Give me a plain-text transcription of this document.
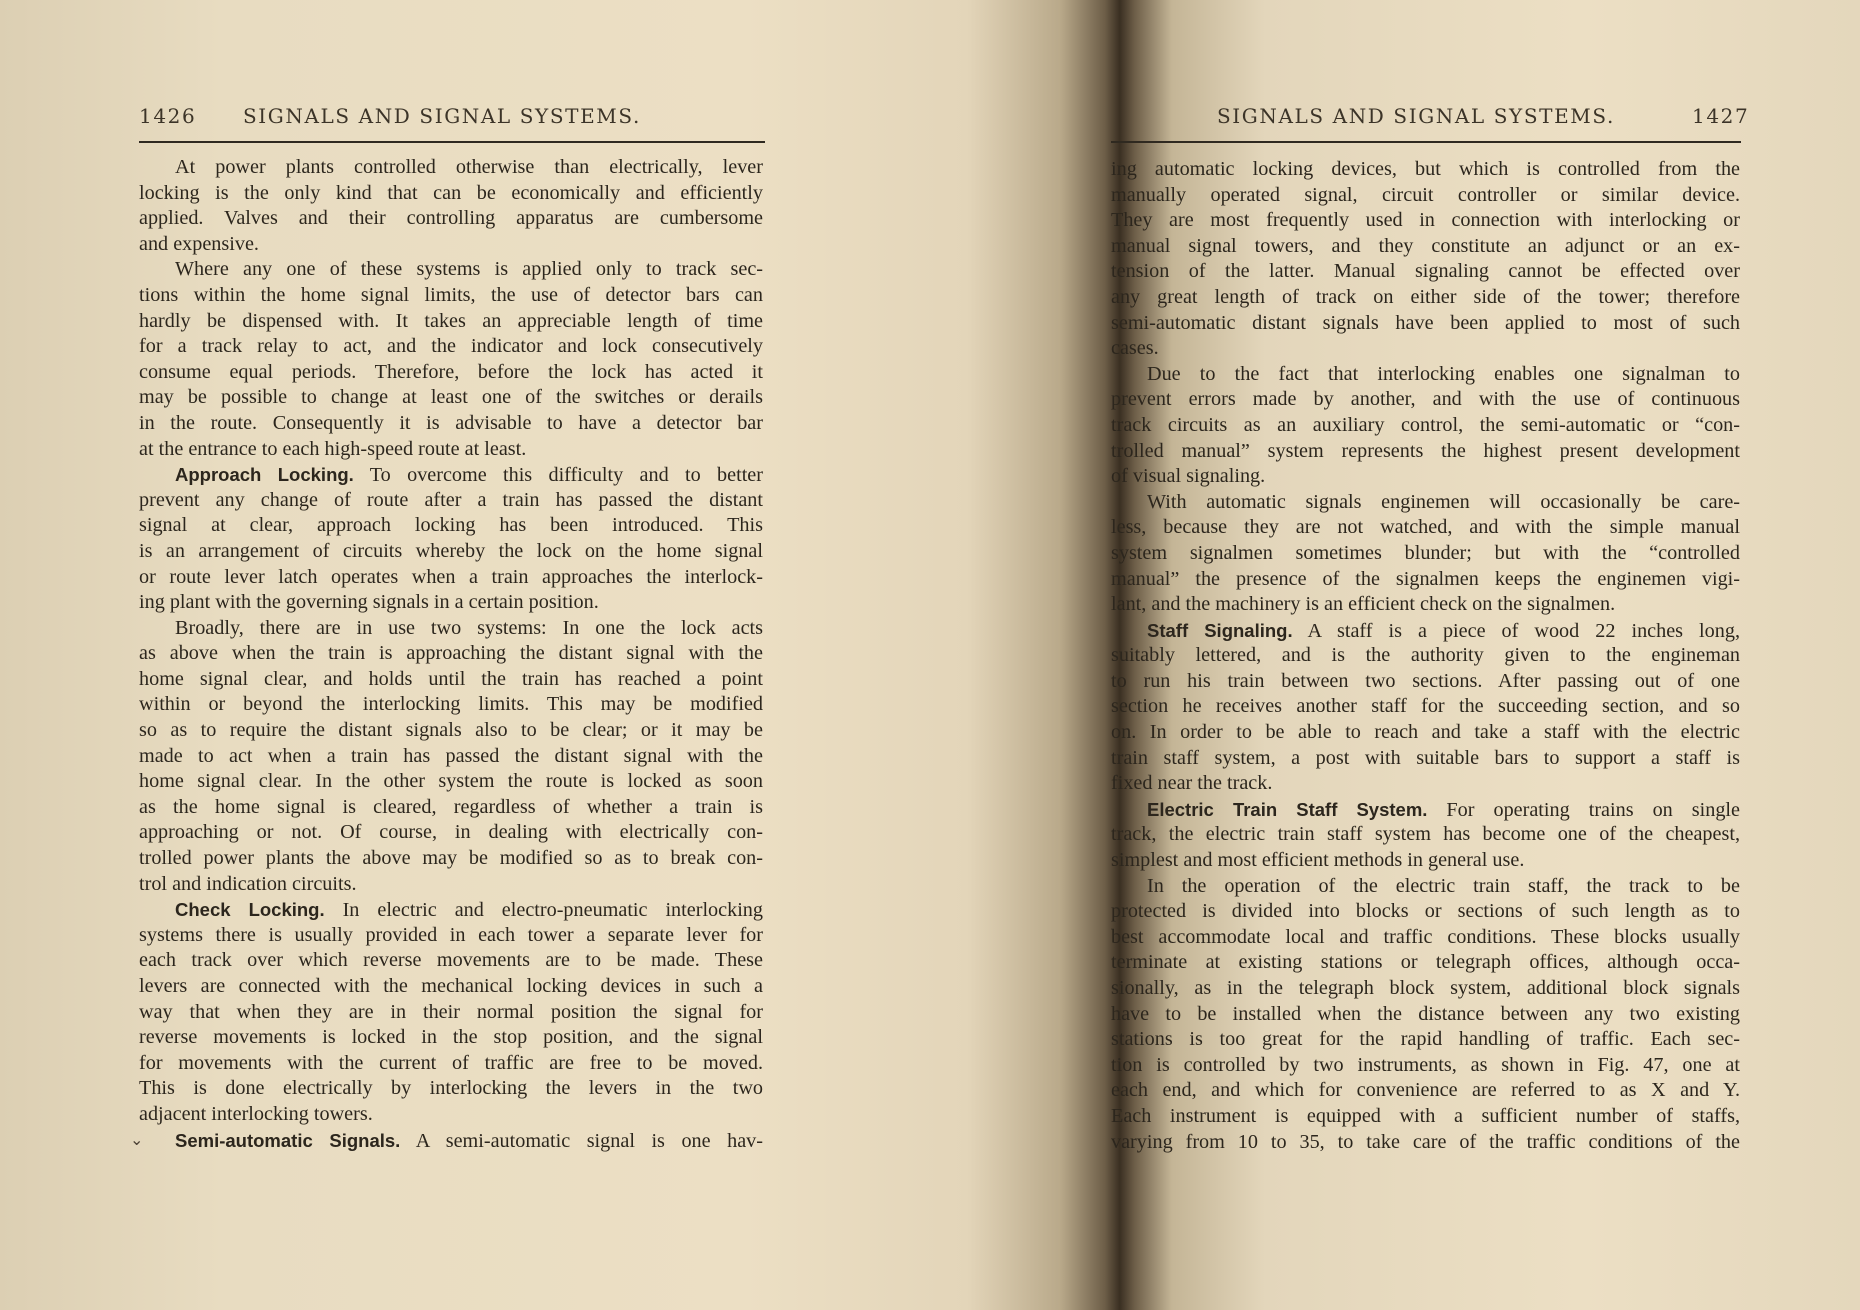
1426 SIGNALS AND SIGNAL SYSTEMS.
At power plants controlled otherwise than electrically, lever
locking is the only kind that can be economically and efficiently
applied. Valves and their controlling apparatus are cumbersome
and expensive.
Where any one of these systems is applied only to track sec-
tions within the home signal limits, the use of detector bars can
hardly be dispensed with. It takes an appreciable length of time
for a track relay to act, and the indicator and lock consecutively
consume equal periods. Therefore, before the lock has acted it
may be possible to change at least one of the switches or derails
in the route. Consequently it is advisable to have a detector bar
at the entrance to each high-speed route at least.
Approach Locking. To overcome this difficulty and to better
prevent any change of route after a train has passed the distant
signal at clear, approach locking has been introduced. This
is an arrangement of circuits whereby the lock on the home signal
or route lever latch operates when a train approaches the interlock-
ing plant with the governing signals in a certain position.
Broadly, there are in use two systems: In one the lock acts
as above when the train is approaching the distant signal with the
home signal clear, and holds until the train has reached a point
within or beyond the interlocking limits. This may be modified
so as to require the distant signals also to be clear; or it may be
made to act when a train has passed the distant signal with the
home signal clear. In the other system the route is locked as soon
as the home signal is cleared, regardless of whether a train is
approaching or not. Of course, in dealing with electrically con-
trolled power plants the above may be modified so as to break con-
trol and indication circuits.
Check Locking. In electric and electro-pneumatic interlocking
systems there is usually provided in each tower a separate lever for
each track over which reverse movements are to be made. These
levers are connected with the mechanical locking devices in such a
way that when they are in their normal position the signal for
reverse movements is locked in the stop position, and the signal
for movements with the current of traffic are free to be moved.
This is done electrically by interlocking the levers in the two
adjacent interlocking towers.
Semi-automatic Signals. A semi-automatic signal is one hav-
⌄
SIGNALS AND SIGNAL SYSTEMS.	1427
ing automatic locking devices, but which is controlled from the
manually operated signal, circuit controller or similar device.
They are most frequently used in connection with interlocking or
manual signal towers, and they constitute an adjunct or an ex-
tension of the latter. Manual signaling cannot be effected over
any great length of track on either side of the tower; therefore
semi-automatic distant signals have been applied to most of such
cases.
Due to the fact that interlocking enables one signalman to
prevent errors made by another, and with the use of continuous
track circuits as an auxiliary control, the semi-automatic or “con-
trolled manual” system represents the highest present development
of visual signaling.
With automatic signals enginemen will occasionally be care-
less, because they are not watched, and with the simple manual
system signalmen sometimes blunder; but with the “controlled
manual” the presence of the signalmen keeps the enginemen vigi-
lant, and the machinery is an efficient check on the signalmen.
Staff Signaling. A staff is a piece of wood 22 inches long,
suitably lettered, and is the authority given to the engineman
to run his train between two sections. After passing out of one
section he receives another staff for the succeeding section, and so
on. In order to be able to reach and take a staff with the electric
train staff system, a post with suitable bars to support a staff is
fixed near the track.
Electric Train Staff System. For operating trains on single
track, the electric train staff system has become one of the cheapest,
simplest and most efficient methods in general use.
In the operation of the electric train staff, the track to be
protected is divided into blocks or sections of such length as to
best accommodate local and traffic conditions. These blocks usually
terminate at existing stations or telegraph offices, although occa-
sionally, as in the telegraph block system, additional block signals
have to be installed when the distance between any two existing
stations is too great for the rapid handling of traffic. Each sec-
tion is controlled by two instruments, as shown in Fig. 47, one at
each end, and which for convenience are referred to as X and Y.
Each instrument is equipped with a sufficient number of staffs,
varying from 10 to 35, to take care of the traffic conditions of the
